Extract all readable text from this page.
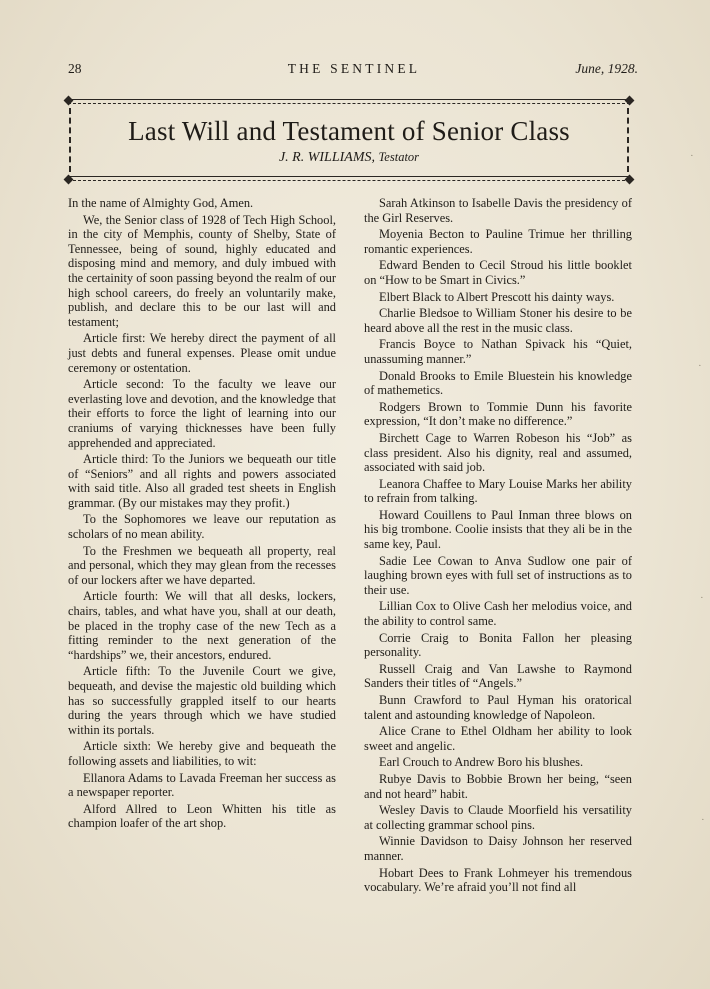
28	THE SENTINEL	June, 1928.
Last Will and Testament of Senior Class
J. R. WILLIAMS, Testator

In the name of Almighty God, Amen.

We, the Senior class of 1928 of Tech High School, in the city of Memphis, county of Shelby, State of Tennessee, being of sound, highly educated and disposing mind and memory, and duly imbued with the certainity of soon passing beyond the realm of our high school careers, do freely an voluntarily make, publish, and declare this to be our last will and testament;

Article first: We hereby direct the payment of all just debts and funeral expenses. Please omit undue ceremony or ostentation.

Article second: To the faculty we leave our everlasting love and devotion, and the knowledge that their efforts to force the light of learning into our craniums of varying thicknesses have been fully apprehended and appreciated.

Article third: To the Juniors we bequeath our title of “Seniors” and all rights and powers associated with said title. Also all graded test sheets in English grammar. (By our mistakes may they profit.)

To the Sophomores we leave our reputation as scholars of no mean ability.

To the Freshmen we bequeath all property, real and personal, which they may glean from the recesses of our lockers after we have departed.

Article fourth: We will that all desks, lockers, chairs, tables, and what have you, shall at our death, be placed in the trophy case of the new Tech as a fitting reminder to the next generation of the “hardships” we, their ancestors, endured.

Article fifth: To the Juvenile Court we give, bequeath, and devise the majestic old building which has so successfully grappled itself to our hearts during the years through which we have studied within its portals.

Article sixth: We hereby give and bequeath the following assets and liabilities, to wit:

Ellanora Adams to Lavada Freeman her success as a newspaper reporter.

Alford Allred to Leon Whitten his title as champion loafer of the art shop.

Sarah Atkinson to Isabelle Davis the presidency of the Girl Reserves.

Moyenia Becton to Pauline Trimue her thrilling romantic experiences.

Edward Benden to Cecil Stroud his little booklet on “How to be Smart in Civics.”

Elbert Black to Albert Prescott his dainty ways.

Charlie Bledsoe to William Stoner his desire to be heard above all the rest in the music class.

Francis Boyce to Nathan Spivack his “Quiet, unassuming manner.”

Donald Brooks to Emile Bluestein his knowledge of mathemetics.

Rodgers Brown to Tommie Dunn his favorite expression, “It don’t make no difference.”

Birchett Cage to Warren Robeson his “Job” as class president. Also his dignity, real and assumed, associated with said job.

Leanora Chaffee to Mary Louise Marks her ability to refrain from talking.

Howard Couillens to Paul Inman three blows on his big trombone. Coolie insists that they ali be in the same key, Paul.

Sadie Lee Cowan to Anva Sudlow one pair of laughing brown eyes with full set of instructions as to their use.

Lillian Cox to Olive Cash her melodius voice, and the ability to control same.

Corrie Craig to Bonita Fallon her pleasing personality.

Russell Craig and Van Lawshe to Raymond Sanders their titles of “Angels.”

Bunn Crawford to Paul Hyman his oratorical talent and astounding knowledge of Napoleon.

Alice Crane to Ethel Oldham her ability to look sweet and angelic.

Earl Crouch to Andrew Boro his blushes.

Rubye Davis to Bobbie Brown her being, “seen and not heard” habit.

Wesley Davis to Claude Moorfield his versatility at collecting grammar school pins.

Winnie Davidson to Daisy Johnson her reserved manner.

Hobart Dees to Frank Lohmeyer his tremendous vocabulary. We’re afraid you’ll not find all

·
·
·
·
